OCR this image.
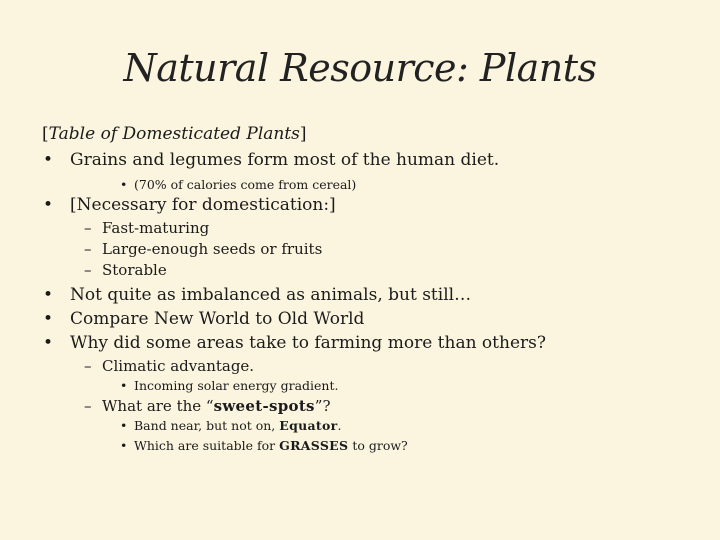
Natural Resource: Plants
[Table of Domesticated Plants]
• Grains and legumes form most of the human diet.
• (70% of calories come from cereal)
• [Necessary for domestication:]
– Fast-maturing
– Large-enough seeds or fruits
– Storable
• Not quite as imbalanced as animals, but still…
• Compare New World to Old World
• Why did some areas take to farming more than others?
– Climatic advantage.
• Incoming solar energy gradient.
– What are the “sweet-spots”?
• Band near, but not on, Equator.
• Which are suitable for GRASSES to grow?
